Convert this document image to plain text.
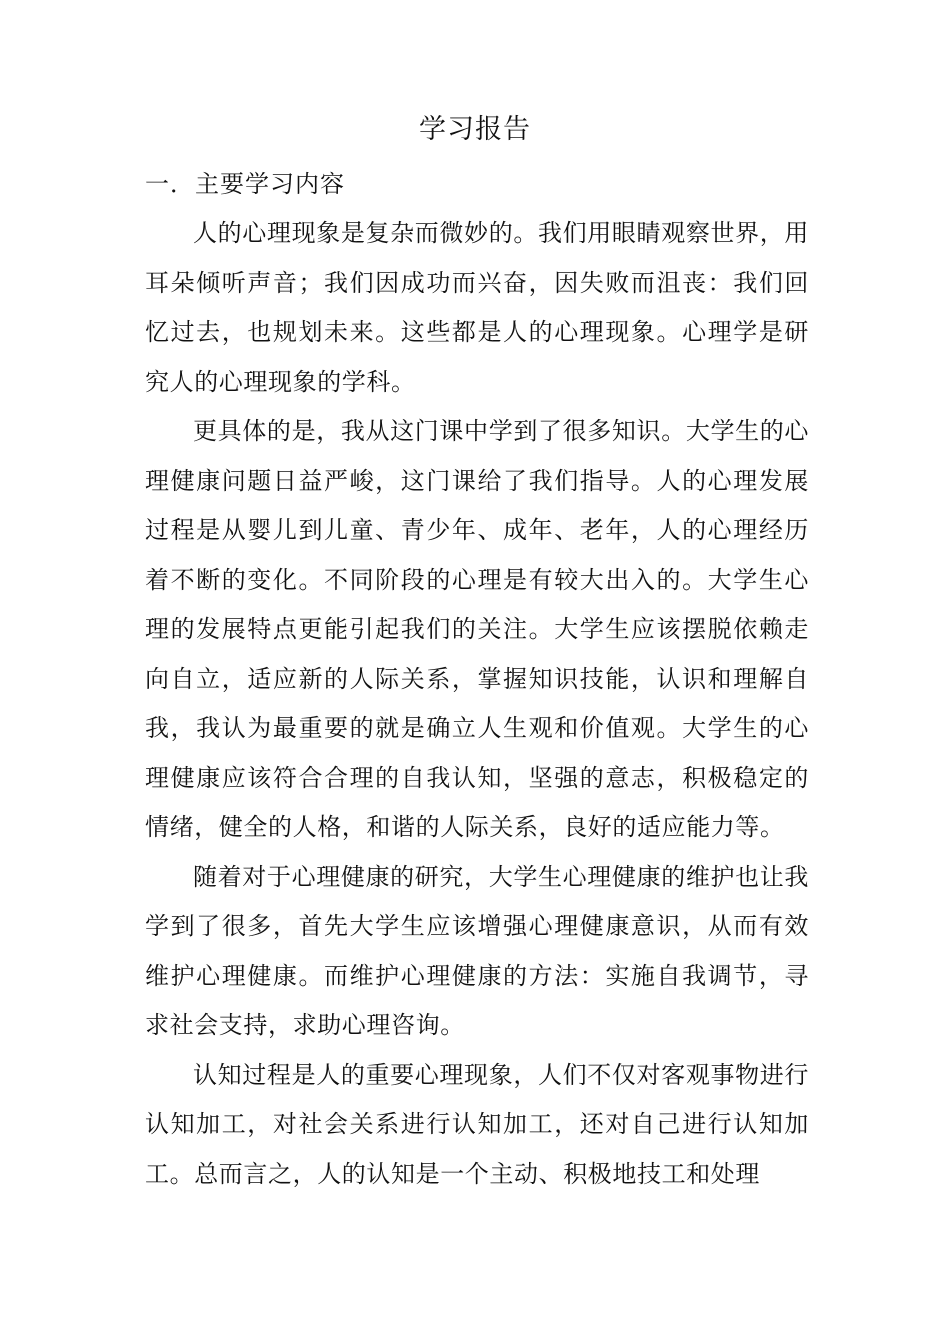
学习报告
一．主要学习内容

人的心理现象是复杂而微妙的。我们用眼睛观察世界，用耳朵倾听声音；我们因成功而兴奋，因失败而沮丧：我们回忆过去，也规划未来。这些都是人的心理现象。心理学是研究人的心理现象的学科。

更具体的是，我从这门课中学到了很多知识。大学生的心理健康问题日益严峻，这门课给了我们指导。人的心理发展过程是从婴儿到儿童、青少年、成年、老年，人的心理经历着不断的变化。不同阶段的心理是有较大出入的。大学生心理的发展特点更能引起我们的关注。大学生应该摆脱依赖走向自立，适应新的人际关系，掌握知识技能，认识和理解自我，我认为最重要的就是确立人生观和价值观。大学生的心理健康应该符合合理的自我认知，坚强的意志，积极稳定的情绪，健全的人格，和谐的人际关系，良好的适应能力等。

随着对于心理健康的研究，大学生心理健康的维护也让我学到了很多，首先大学生应该增强心理健康意识，从而有效维护心理健康。而维护心理健康的方法：实施自我调节，寻求社会支持，求助心理咨询。

认知过程是人的重要心理现象，人们不仅对客观事物进行认知加工，对社会关系进行认知加工，还对自己进行认知加工。总而言之，人的认知是一个主动、积极地技工和处理
